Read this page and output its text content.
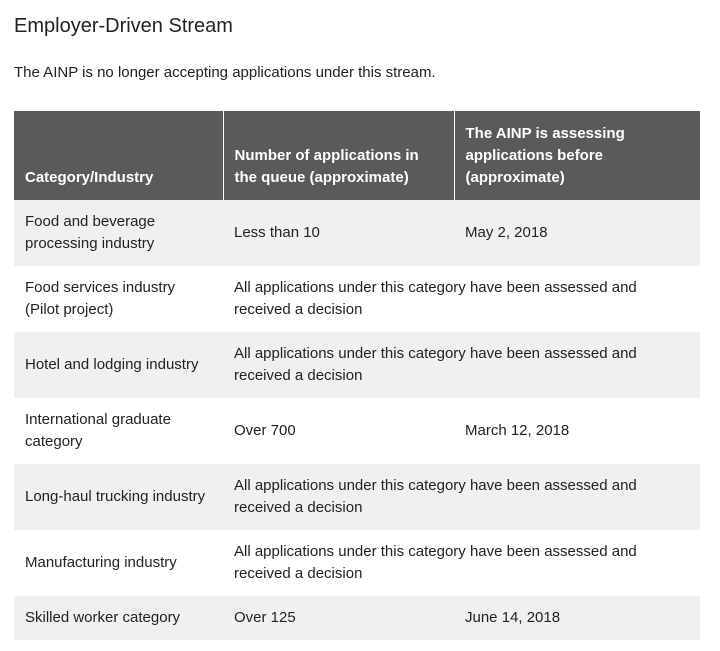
Employer-Driven Stream

The AINP is no longer accepting applications under this stream.

Category/Industry	Number of applications in the queue (approximate)	The AINP is assessing applications before (approximate)
Food and beverage processing industry	Less than 10	May 2, 2018
Food services industry (Pilot project)	All applications under this category have been assessed and received a decision	
Hotel and lodging industry	All applications under this category have been assessed and received a decision	
International graduate category	Over 700	March 12, 2018
Long-haul trucking industry	All applications under this category have been assessed and received a decision	
Manufacturing industry	All applications under this category have been assessed and received a decision	
Skilled worker category	Over 125	June 14, 2018
